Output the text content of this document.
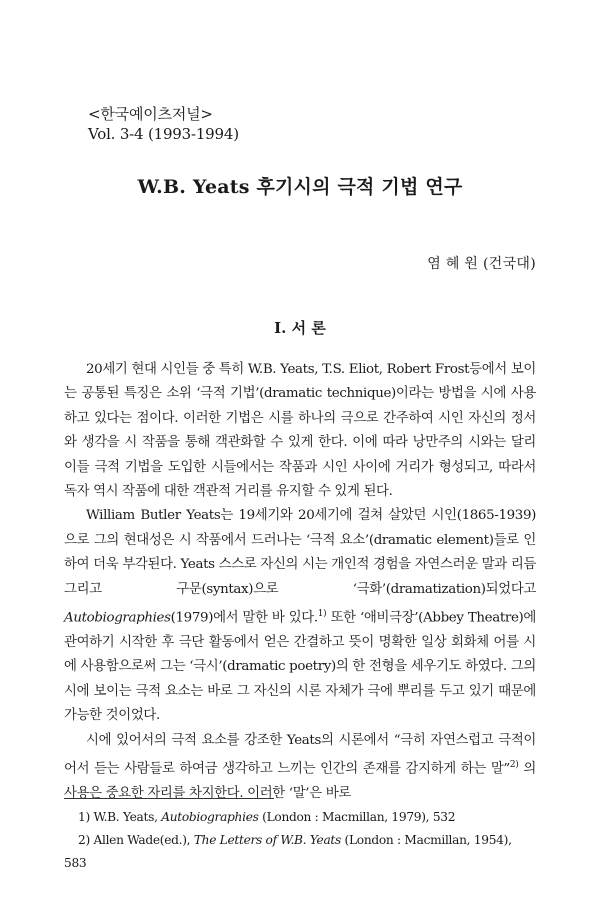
<한국예이츠저널>
Vol. 3-4 (1993-1994)
W.B. Yeats 후기시의 극적 기법 연구
염 혜 원 (건국대)
I. 서 론

20세기 현대 시인들 중 특히 W.B. Yeats, T.S. Eliot, Robert Frost등에서 보이는 공통된 특징은 소위 ‘극적 기법’(dramatic technique)이라는 방법을 시에 사용하고 있다는 점이다. 이러한 기법은 시를 하나의 극으로 간주하여 시인 자신의 정서와 생각을 시 작품을 통해 객관화할 수 있게 한다. 이에 따라 낭만주의 시와는 달리 이들 극적 기법을 도입한 시들에서는 작품과 시인 사이에 거리가 형성되고, 따라서 독자 역시 작품에 대한 객관적 거리를 유지할 수 있게 된다.

William Butler Yeats는 19세기와 20세기에 걸쳐 살았던 시인(1865-1939)으로 그의 현대성은 시 작품에서 드러나는 ‘극적 요소’(dramatic element)들로 인하여 더욱 부각된다. Yeats 스스로 자신의 시는 개인적 경험을 자연스러운 말과 리듬 그리고 구문(syntax)으로 ‘극화’(dramatization)되었다고 Autobiographies(1979)에서 말한 바 있다.$^{1)}$ 또한 ‘애비극장’(Abbey Theatre)에 관여하기 시작한 후 극단 활동에서 얻은 간결하고 뜻이 명확한 일상 회화체 어를 시에 사용함으로써 그는 ‘극시’(dramatic poetry)의 한 전형을 세우기도 하였다. 그의 시에 보이는 극적 요소는 바로 그 자신의 시론 자체가 극에 뿌리를 두고 있기 때문에 가능한 것이었다.

시에 있어서의 극적 요소를 강조한 Yeats의 시론에서 “극히 자연스럽고 극적이어서 듣는 사람들로 하여금 생각하고 느끼는 인간의 존재를 감지하게 하는 말”$^{2)}$ 의 사용은 중요한 자리를 차지한다. 이러한 ‘말’은 바로

1) W.B. Yeats, Autobiographies (London : Macmillan, 1979), 532

2) Allen Wade(ed.), The Letters of W.B. Yeats (London : Macmillan, 1954),

583
